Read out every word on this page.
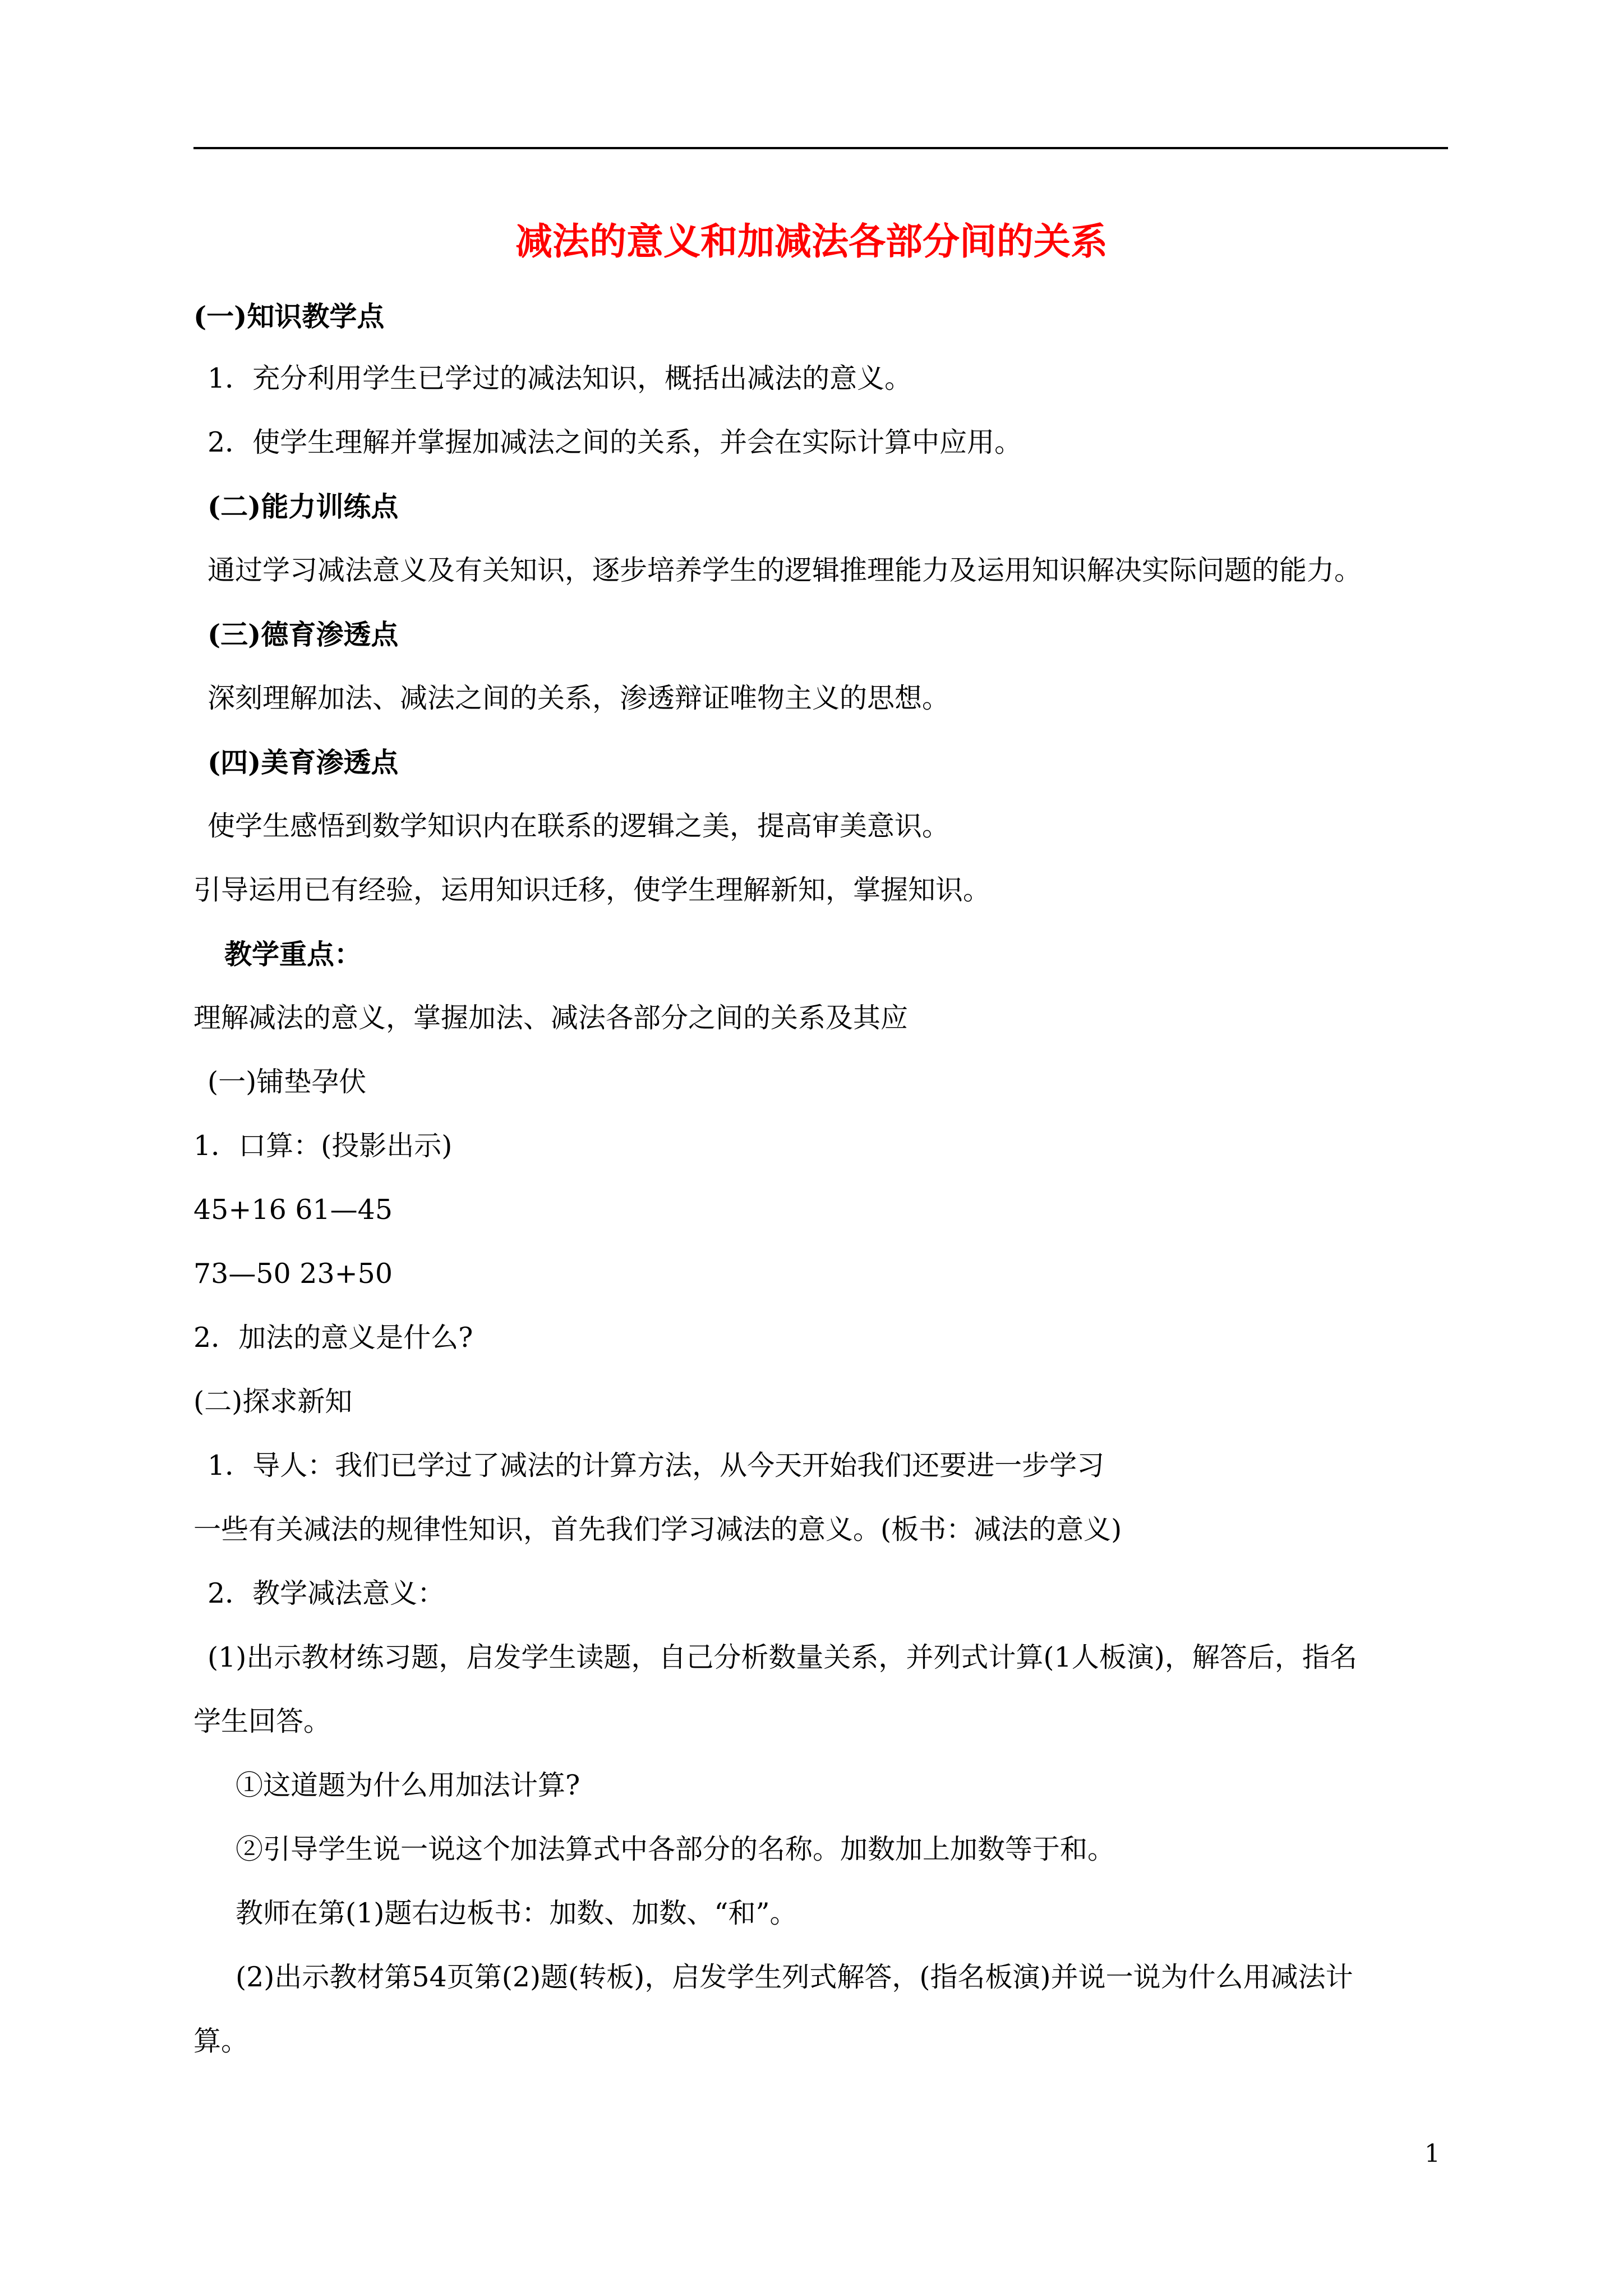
减法的意义和加减法各部分间的关系
(一)知识教学点
1．充分利用学生已学过的减法知识，概括出减法的意义。
2．使学生理解并掌握加减法之间的关系，并会在实际计算中应用。
(二)能力训练点
通过学习减法意义及有关知识，逐步培养学生的逻辑推理能力及运用知识解决实际问题的能力。
(三)德育渗透点
深刻理解加法、减法之间的关系，渗透辩证唯物主义的思想。
(四)美育渗透点
使学生感悟到数学知识内在联系的逻辑之美，提高审美意识。
引导运用已有经验，运用知识迁移，使学生理解新知，掌握知识。
教学重点：
理解减法的意义，掌握加法、减法各部分之间的关系及其应
(一)铺垫孕伏
1．口算：(投影出示)
45+16 61—45
73—50 23+50
2．加法的意义是什么?
(二)探求新知
1．导人：我们已学过了减法的计算方法，从今天开始我们还要进一步学习
一些有关减法的规律性知识，首先我们学习减法的意义。(板书：减法的意义)
2．教学减法意义：
(1)出示教材练习题，启发学生读题，自己分析数量关系，并列式计算(1人板演)，解答后，指名
学生回答。
①这道题为什么用加法计算?
②引导学生说一说这个加法算式中各部分的名称。加数加上加数等于和。
教师在第(1)题右边板书：加数、加数、“和”。
(2)出示教材第54页第(2)题(转板)，启发学生列式解答，(指名板演)并说一说为什么用减法计
算。
1
